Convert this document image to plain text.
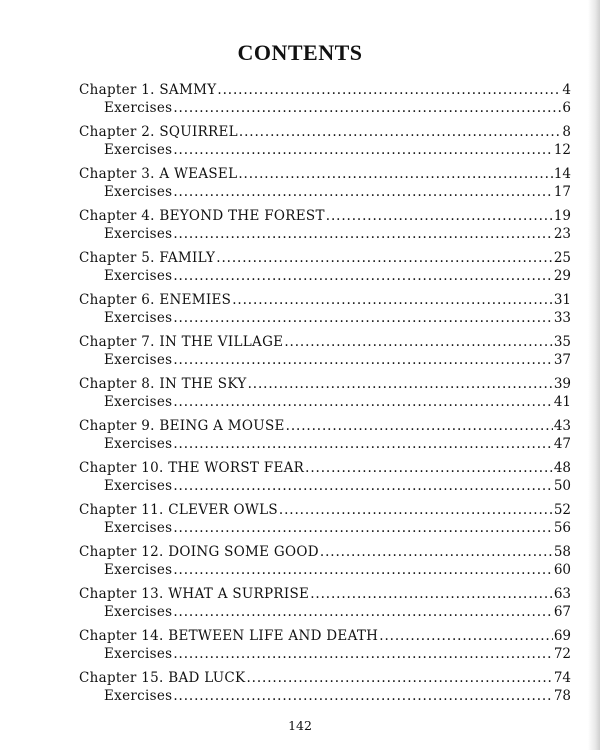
CONTENTS
Chapter 1. SAMMY .....	4
Exercises .....	6
Chapter 2. SQUIRREL .....	8
Exercises .....	12
Chapter 3. A WEASEL .....	14
Exercises .....	17
Chapter 4. BEYOND THE FOREST .....	19
Exercises .....	23
Chapter 5. FAMILY .....	25
Exercises .....	29
Chapter 6. ENEMIES .....	31
Exercises .....	33
Chapter 7. IN THE VILLAGE .....	35
Exercises .....	37
Chapter 8. IN THE SKY .....	39
Exercises .....	41
Chapter 9. BEING A MOUSE .....	43
Exercises .....	47
Chapter 10. THE WORST FEAR .....	48
Exercises .....	50
Chapter 11. CLEVER OWLS .....	52
Exercises .....	56
Chapter 12. DOING SOME GOOD .....	58
Exercises .....	60
Chapter 13. WHAT A SURPRISE .....	63
Exercises .....	67
Chapter 14. BETWEEN LIFE AND DEATH .....	69
Exercises .....	72
Chapter 15. BAD LUCK .....	74
Exercises .....	78
142
